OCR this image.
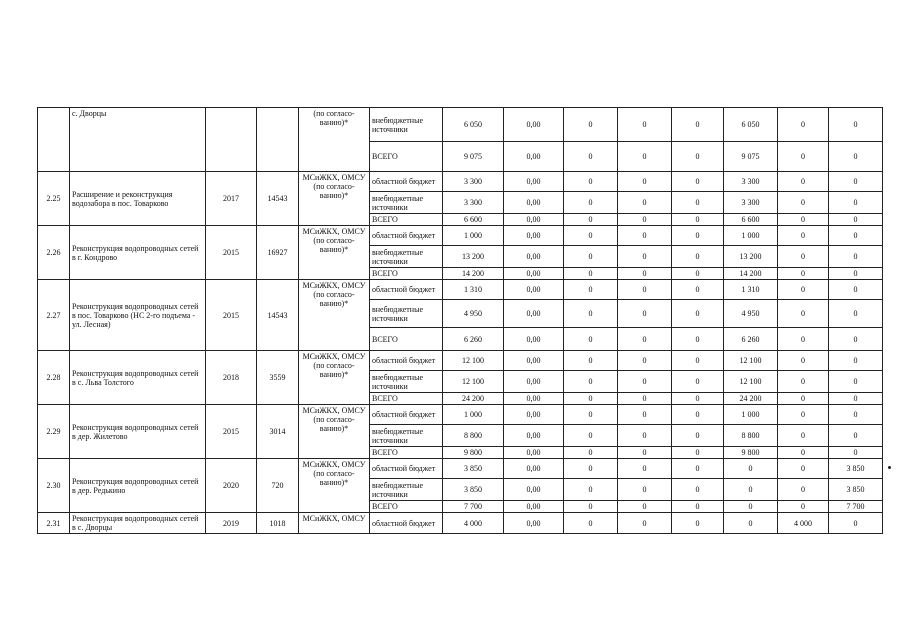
	с. Дворцы			(по согласо-ванию)*	внебюджетные источники	6 050	0,00	0	0	0	6 050	0	0
					ВСЕГО	9 075	0,00	0	0	0	9 075	0	0
2.25	Расширение и реконструкция водозабора в пос. Товарково	2017	14543	МСиЖКХ, ОМСУ (по согласо-ванию)*	областной бюджет	3 300	0,00	0	0	0	3 300	0	0
					внебюджетные источники	3 300	0,00	0	0	0	3 300	0	0
					ВСЕГО	6 600	0,00	0	0	0	6 600	0	0
2.26	Реконструкция водопроводных сетей в г. Кондрово	2015	16927	МСиЖКХ, ОМСУ (по согласо-ванию)*	областной бюджет	1 000	0,00	0	0	0	1 000	0	0
					внебюджетные источники	13 200	0,00	0	0	0	13 200	0	0
					ВСЕГО	14 200	0,00	0	0	0	14 200	0	0
2.27	Реконструкция водопроводных сетей в пос. Товарково (НС 2-го подъема - ул. Лесная)	2015	14543	МСиЖКХ, ОМСУ (по согласо-ванию)*	областной бюджет	1 310	0,00	0	0	0	1 310	0	0
					внебюджетные источники	4 950	0,00	0	0	0	4 950	0	0
					ВСЕГО	6 260	0,00	0	0	0	6 260	0	0
2.28	Реконструкция водопроводных сетей в с. Льва Толстого	2018	3559	МСиЖКХ, ОМСУ (по согласо-ванию)*	областной бюджет	12 100	0,00	0	0	0	12 100	0	0
					внебюджетные источники	12 100	0,00	0	0	0	12 100	0	0
					ВСЕГО	24 200	0,00	0	0	0	24 200	0	0
2.29	Реконструкция водопроводных сетей в дер. Жилетово	2015	3014	МСиЖКХ, ОМСУ (по согласо-ванию)*	областной бюджет	1 000	0,00	0	0	0	1 000	0	0
					внебюджетные источники	8 800	0,00	0	0	0	8 800	0	0
					ВСЕГО	9 800	0,00	0	0	0	9 800	0	0
2.30	Реконструкция водопроводных сетей в дер. Редькино	2020	720	МСиЖКХ, ОМСУ (по согласо-ванию)*	областной бюджет	3 850	0,00	0	0	0	0	0	3 850
					внебюджетные источники	3 850	0,00	0	0	0	0	0	3 850
					ВСЕГО	7 700	0,00	0	0	0	0	0	7 700
2.31	Реконструкция водопроводных сетей в с. Дворцы	2019	1018	МСиЖКХ, ОМСУ	областной бюджет	4 000	0,00	0	0	0	0	4 000	0
